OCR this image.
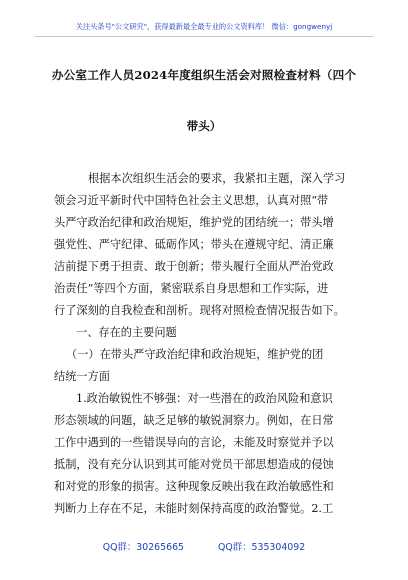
关注头条号"公文研究"，获得最新最全最专业的公文资料库！ 微信：gongwenyj
办公室工作人员2024年度组织生活会对照检查材料（四个
带头）
根据本次组织生活会的要求，我紧扣主题，深入学习
领会习近平新时代中国特色社会主义思想，认真对照“带
头严守政治纪律和政治规矩，维护党的团结统一；带头增
强党性、严守纪律、砥砺作风；带头在遵规守纪、清正廉
洁前提下勇于担责、敢于创新；带头履行全面从严治党政
治责任”等四个方面，紧密联系自身思想和工作实际，进
行了深刻的自我检查和剖析。现将对照检查情况报告如下。
一、存在的主要问题
（一）在带头严守政治纪律和政治规矩，维护党的团
结统一方面
1.政治敏锐性不够强：对一些潜在的政治风险和意识
形态领域的问题，缺乏足够的敏锐洞察力。例如，在日常
工作中遇到的一些错误导向的言论，未能及时察觉并予以
抵制，没有充分认识到其可能对党员干部思想造成的侵蚀
和对党的形象的损害。这种现象反映出我在政治敏感性和
判断力上存在不足，未能时刻保持高度的政治警觉。2.工
QQ群：30265665	QQ群：535304092
